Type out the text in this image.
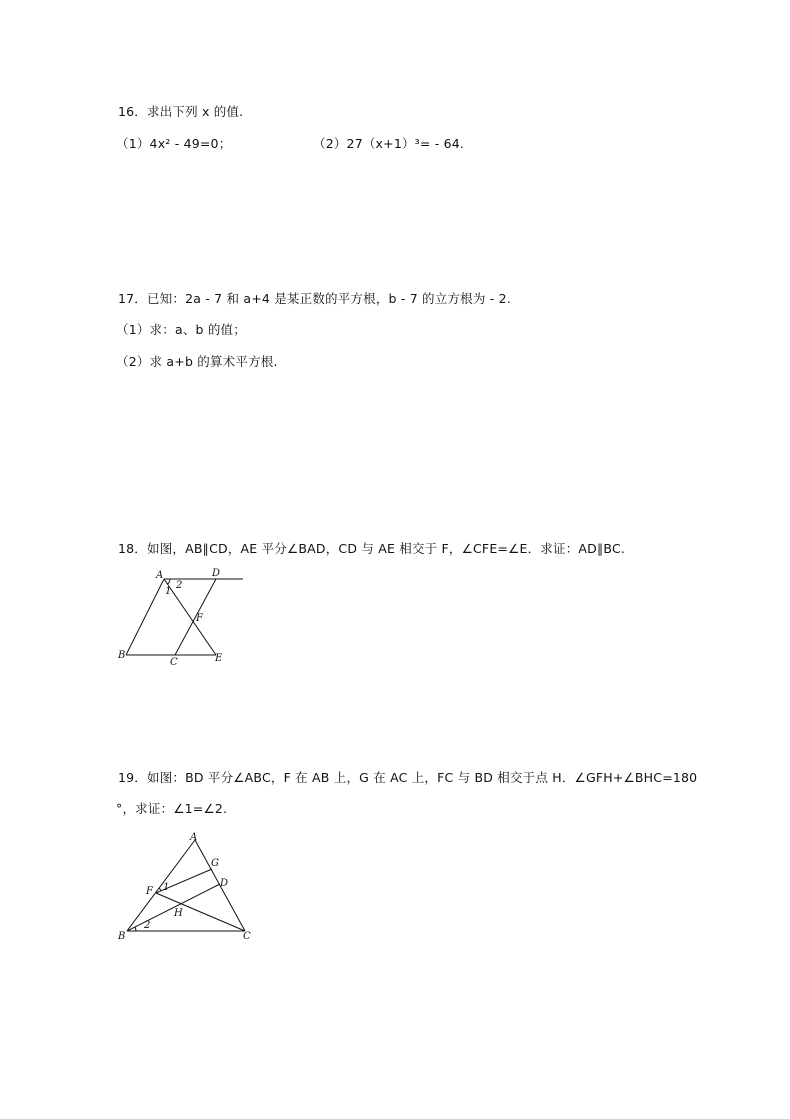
16．求出下列 x 的值.
（1）4x² - 49=0；	（2）27（x+1）³= - 64.
17．已知：2a - 7 和 a+4 是某正数的平方根，b - 7 的立方根为 - 2.
（1）求：a、b 的值；
（2）求 a+b 的算术平方根.
18．如图，AB∥CD，AE 平分∠BAD，CD 与 AE 相交于 F，∠CFE=∠E．求证：AD∥BC.
A	D
B
C	E
F
1
2
19．如图：BD 平分∠ABC，F 在 AB 上，G 在 AC 上，FC 与 BD 相交于点 H．∠GFH+∠BHC=180
°，求证：∠1=∠2.
A
G
D
F 1
H
B
2
C
